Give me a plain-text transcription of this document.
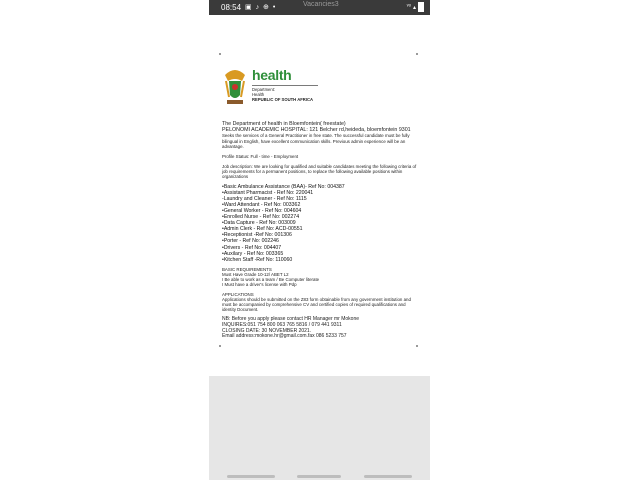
08:54 ▣ ♪ ⊕ •	Vacancies3	ᵛᵒ ▴
health
Department:
Health
REPUBLIC OF SOUTH AFRICA

The Department of health in Bloemfontein( freestate)

PELONOMI ACADEMIC HOSPITAL: 121 Belcher rd,heideda, bloemfontein 9301

Seeks the services of a General Practitioner in free state. The successful candidate must be fully bilingual in English, have excellent communication skills. Previous admin experience will be an advantage.

Profile Status: Full - time - Employment

Job description: We are looking for qualified and suitable candidates meeting the following criteria of job requirements for a permanent positions, to replace the following available positions within organizations

•Basic Ambulance Assistance (BAA)- Ref No: 004387
•Assistant Pharmacist - Ref No: 220041
-Laundry and Cleaner - Ref No: 1115
•Ward Attendant - Ref No: 003362
•General Worker - Ref No: 004604
•Enrolled Nurse - Ref No: 002274
•Data Capture - Ref No: 003009
•Admin Clerk - Ref No: ACD-00551
•Receptionist -Ref No: 001306
•Porter - Ref No: 002246
•Drivers - Ref No: 004407
•Auxilary - Ref No: 003365
•Kitchen Staff -Ref No: 110060

BASIC REQUIREMENTS

Must Have Grade 10-12/ ABET L2

I Be able to work as a team / Be Computer literate

I Must have a driver's license with Pdp

APPLICATIONS

Applications should be submitted on the Z83 form obtainable from any government institution and must be accompanied by comprehensive CV and certified copies of required qualifications and identity Document.

NB: Before you apply please contact HR Manager mr Mokone

INQUIRES:051 754 800 063 765 5816 / 079 441 9311

CLOSING DATE: 30 NOVEMBER 2021.

Email address:mokone.hr@gmail.com.fax 086 5233 757
